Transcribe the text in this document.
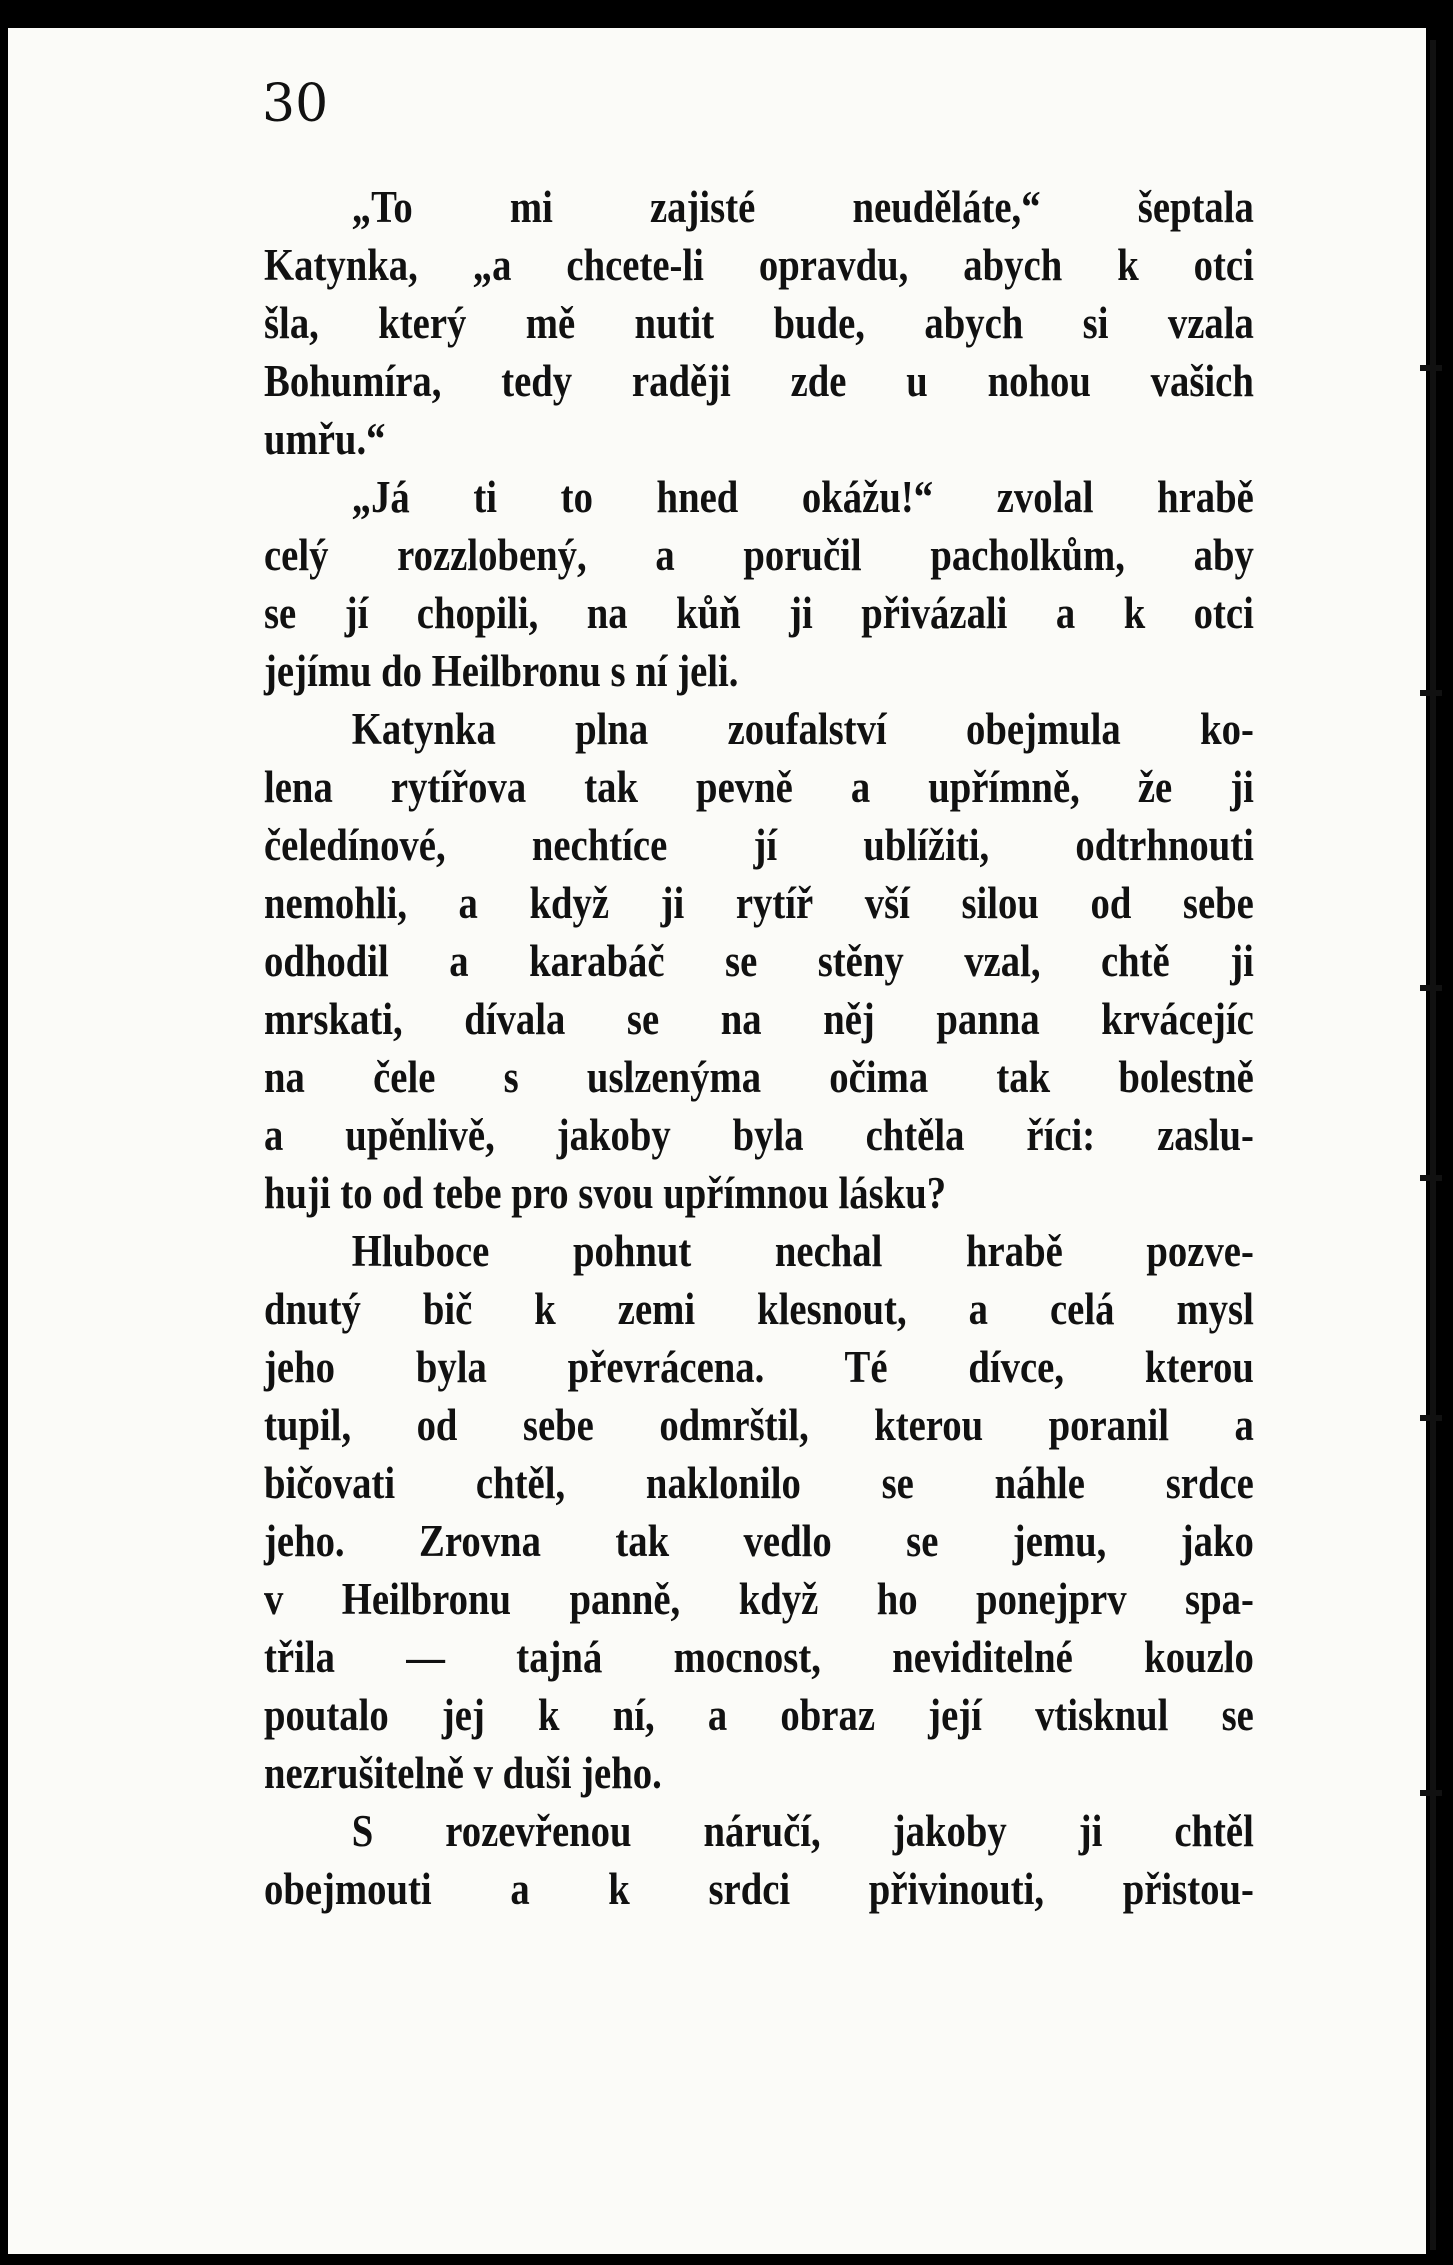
30
„To mi zajisté neuděláte,“ šeptala
Katynka, „a chcete-li opravdu, abych k otci
šla, který mě nutit bude, abych si vzala
Bohumíra, tedy raději zde u nohou vašich
umřu.“
„Já ti to hned okážu!“ zvolal hrabě
celý rozzlobený, a poručil pacholkům, aby
se jí chopili, na kůň ji přivázali a k otci
jejímu do Heilbronu s ní jeli.
Katynka plna zoufalství obejmula ko-
lena rytířova tak pevně a upřímně, že ji
čeledínové, nechtíce jí ublížiti, odtrhnouti
nemohli, a když ji rytíř vší silou od sebe
odhodil a karabáč se stěny vzal, chtě ji
mrskati, dívala se na něj panna krvácejíc
na čele s uslzenýma očima tak bolestně
a upěnlivě, jakoby byla chtěla říci: zaslu-
huji to od tebe pro svou upřímnou lásku?
Hluboce pohnut nechal hrabě pozve-
dnutý bič k zemi klesnout, a celá mysl
jeho byla převrácena. Té dívce, kterou
tupil, od sebe odmrštil, kterou poranil a
bičovati chtěl, naklonilo se náhle srdce
jeho. Zrovna tak vedlo se jemu, jako
v Heilbronu panně, když ho ponejprv spa-
třila — tajná mocnost, neviditelné kouzlo
poutalo jej k ní, a obraz její vtisknul se
nezrušitelně v duši jeho.
S rozevřenou náručí, jakoby ji chtěl
obejmouti a k srdci přivinouti, přistou-
